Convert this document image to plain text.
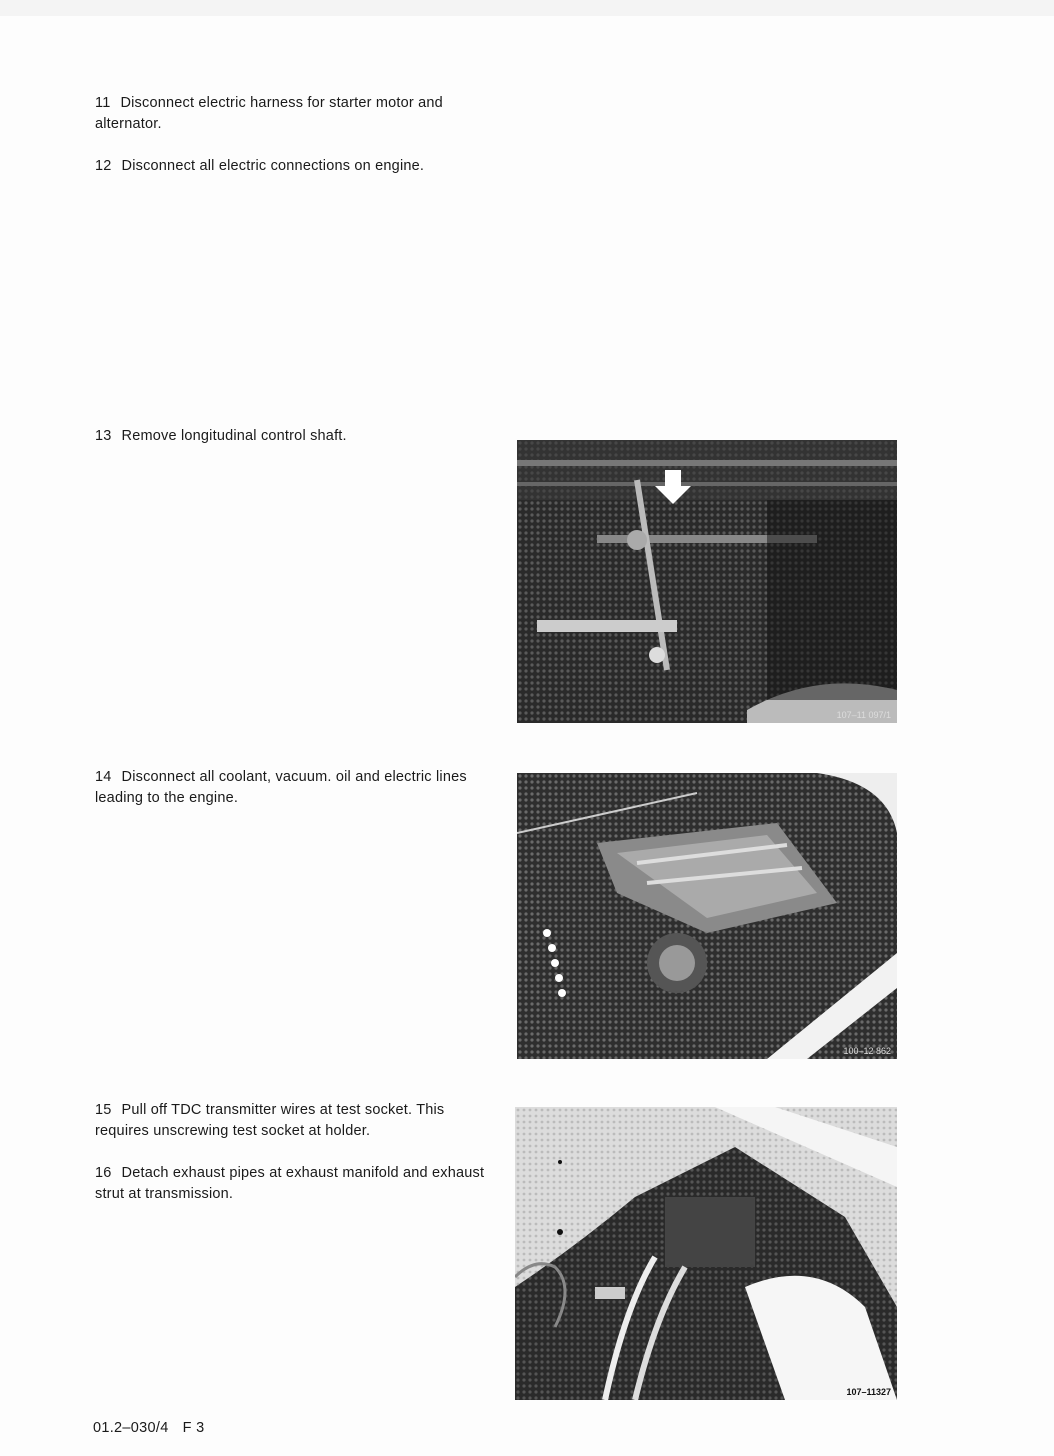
11 Disconnect electric harness for starter motor and alternator.
12 Disconnect all electric connections on engine.
13 Remove longitudinal control shaft.
107–11 097/1
14 Disconnect all coolant, vacuum. oil and electric lines leading to the engine.
100–12 862
15 Pull off TDC transmitter wires at test socket. This requires unscrewing test socket at holder.
16 Detach exhaust pipes at exhaust manifold and exhaust strut at transmission.
107–11327
01.2–030/4 F 3
